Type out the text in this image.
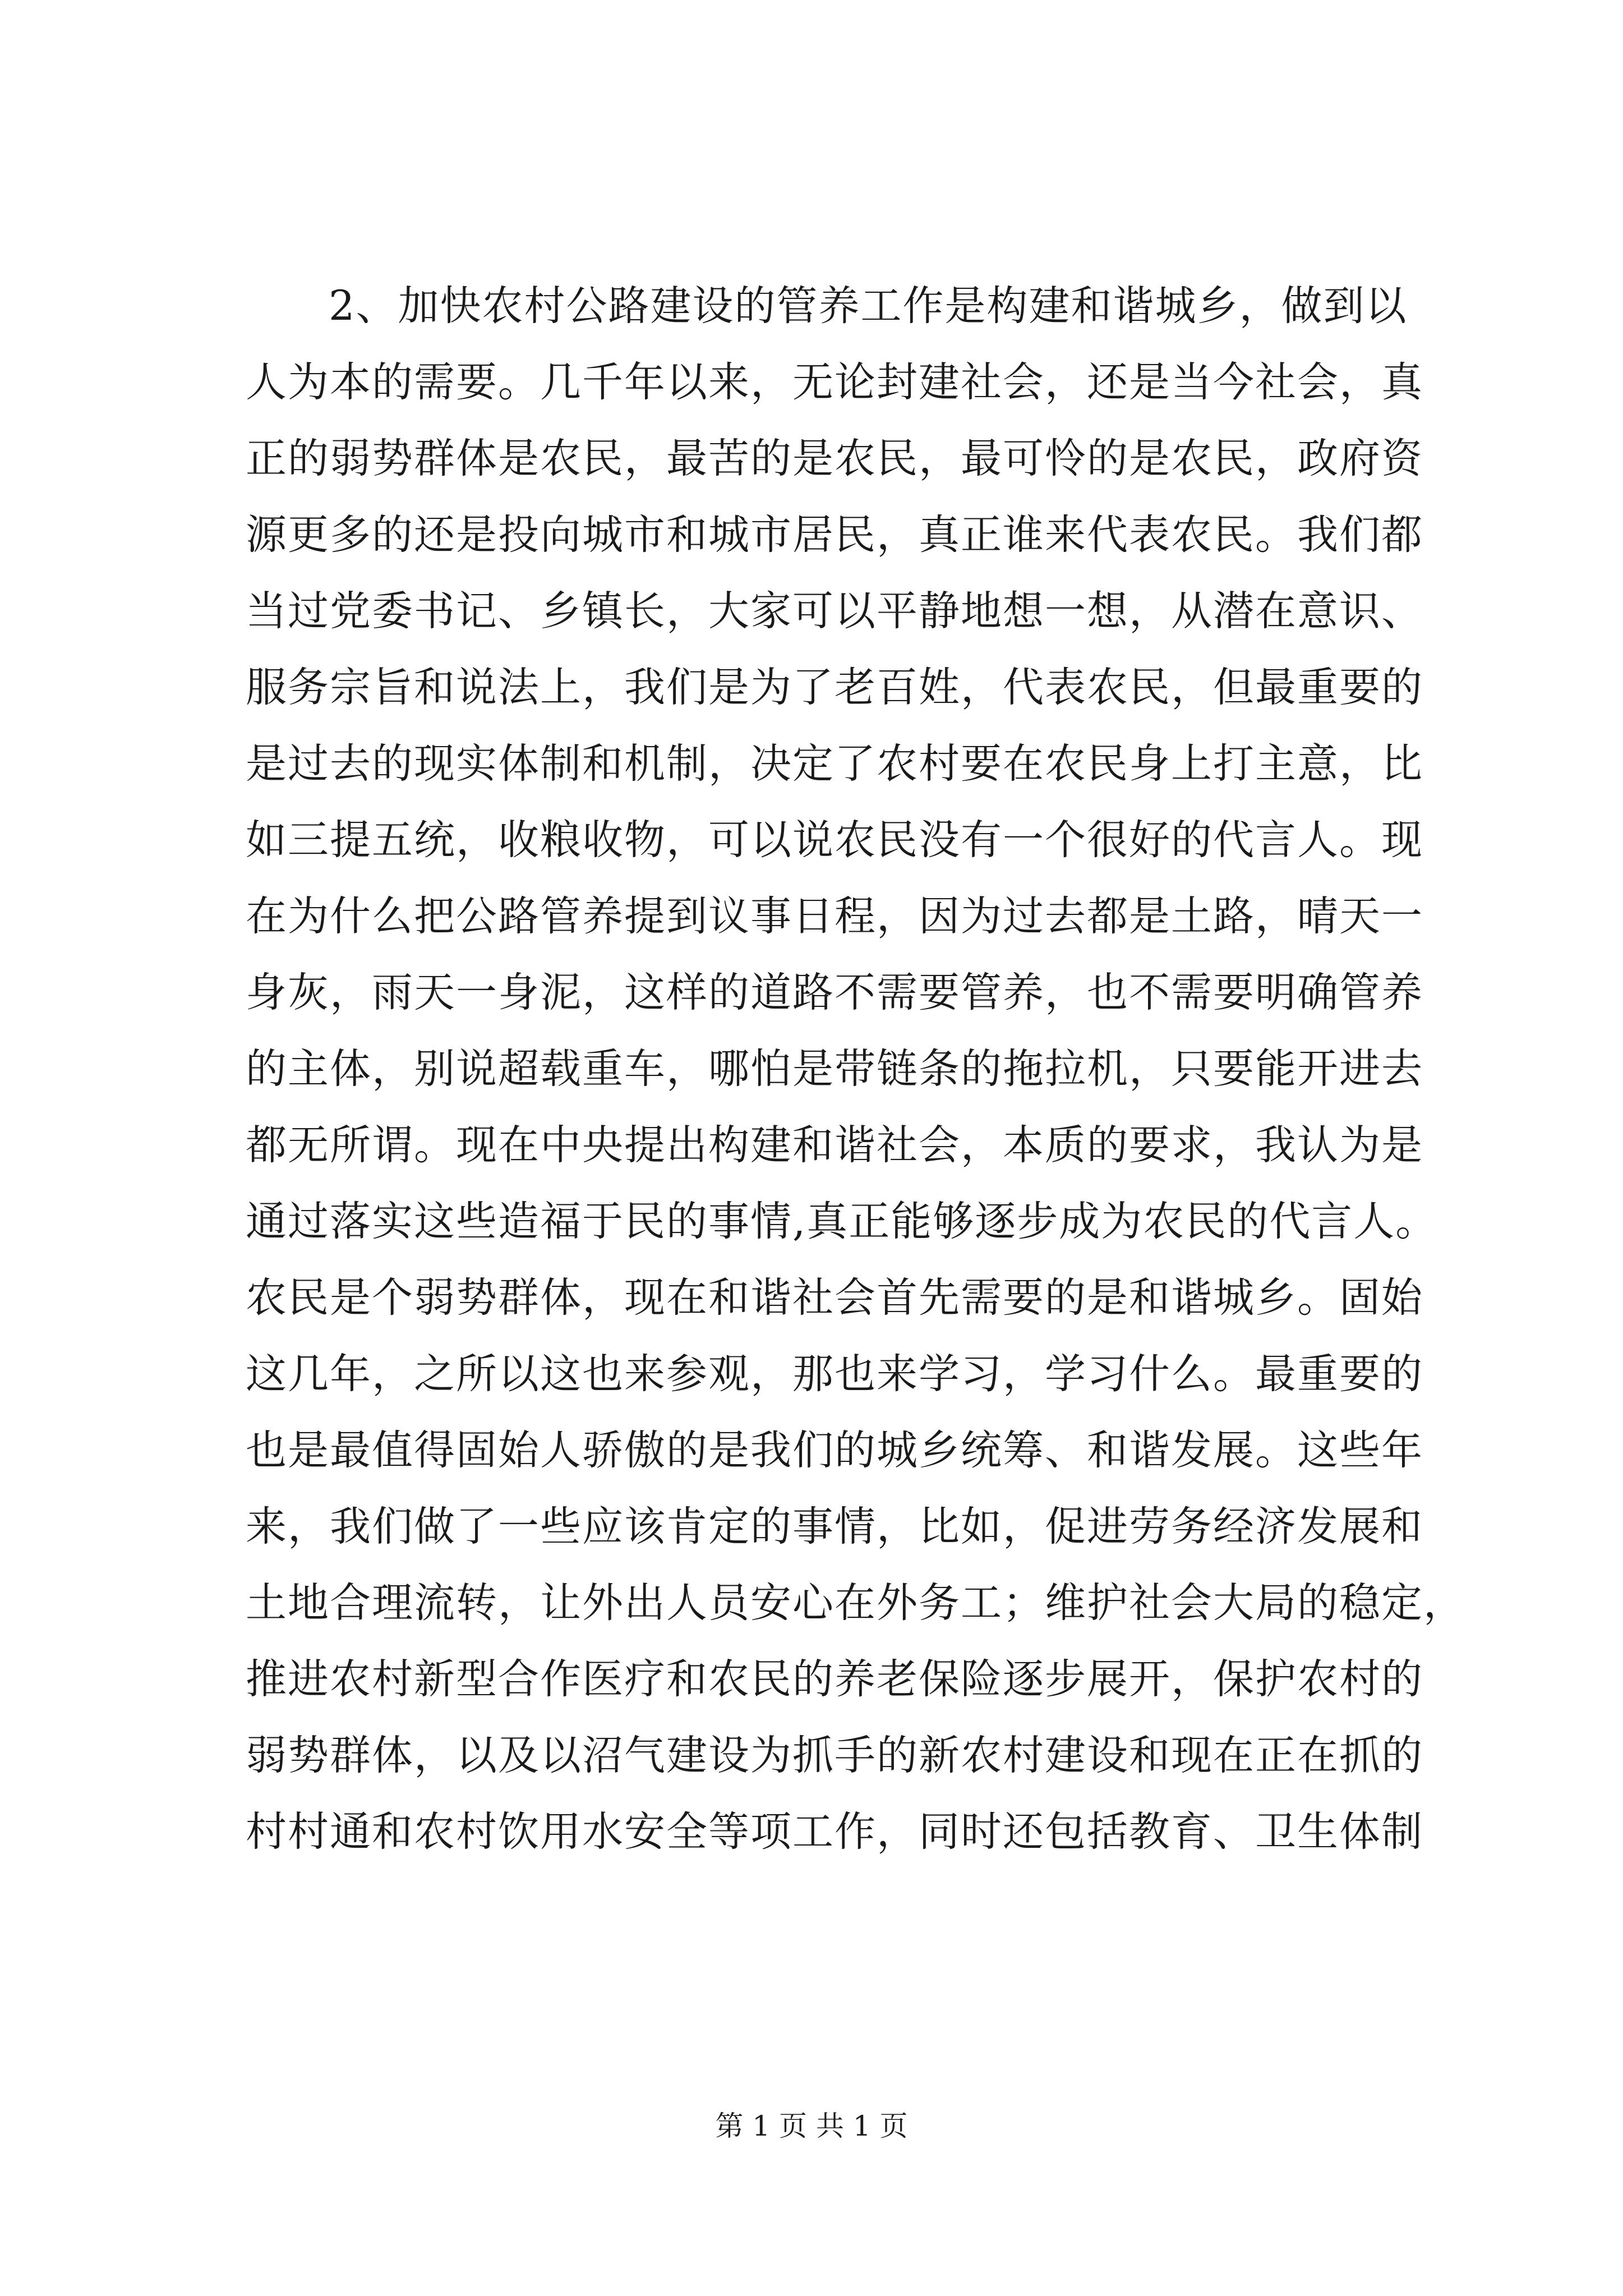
2、加快农村公路建设的管养工作是构建和谐城乡，做到以
人为本的需要。几千年以来，无论封建社会，还是当今社会，真
正的弱势群体是农民，最苦的是农民，最可怜的是农民，政府资
源更多的还是投向城市和城市居民，真正谁来代表农民。我们都
当过党委书记、乡镇长，大家可以平静地想一想，从潜在意识、
服务宗旨和说法上，我们是为了老百姓，代表农民，但最重要的
是过去的现实体制和机制，决定了农村要在农民身上打主意，比
如三提五统，收粮收物，可以说农民没有一个很好的代言人。现
在为什么把公路管养提到议事日程，因为过去都是土路，晴天一
身灰，雨天一身泥，这样的道路不需要管养，也不需要明确管养
的主体，别说超载重车，哪怕是带链条的拖拉机，只要能开进去
都无所谓。现在中央提出构建和谐社会，本质的要求，我认为是
通过落实这些造福于民的事情,真正能够逐步成为农民的代言人。
农民是个弱势群体，现在和谐社会首先需要的是和谐城乡。固始
这几年，之所以这也来参观，那也来学习，学习什么。最重要的
也是最值得固始人骄傲的是我们的城乡统筹、和谐发展。这些年
来，我们做了一些应该肯定的事情，比如，促进劳务经济发展和
土地合理流转，让外出人员安心在外务工；维护社会大局的稳定，
推进农村新型合作医疗和农民的养老保险逐步展开，保护农村的
弱势群体，以及以沼气建设为抓手的新农村建设和现在正在抓的
村村通和农村饮用水安全等项工作，同时还包括教育、卫生体制
第 1 页 共 1 页
